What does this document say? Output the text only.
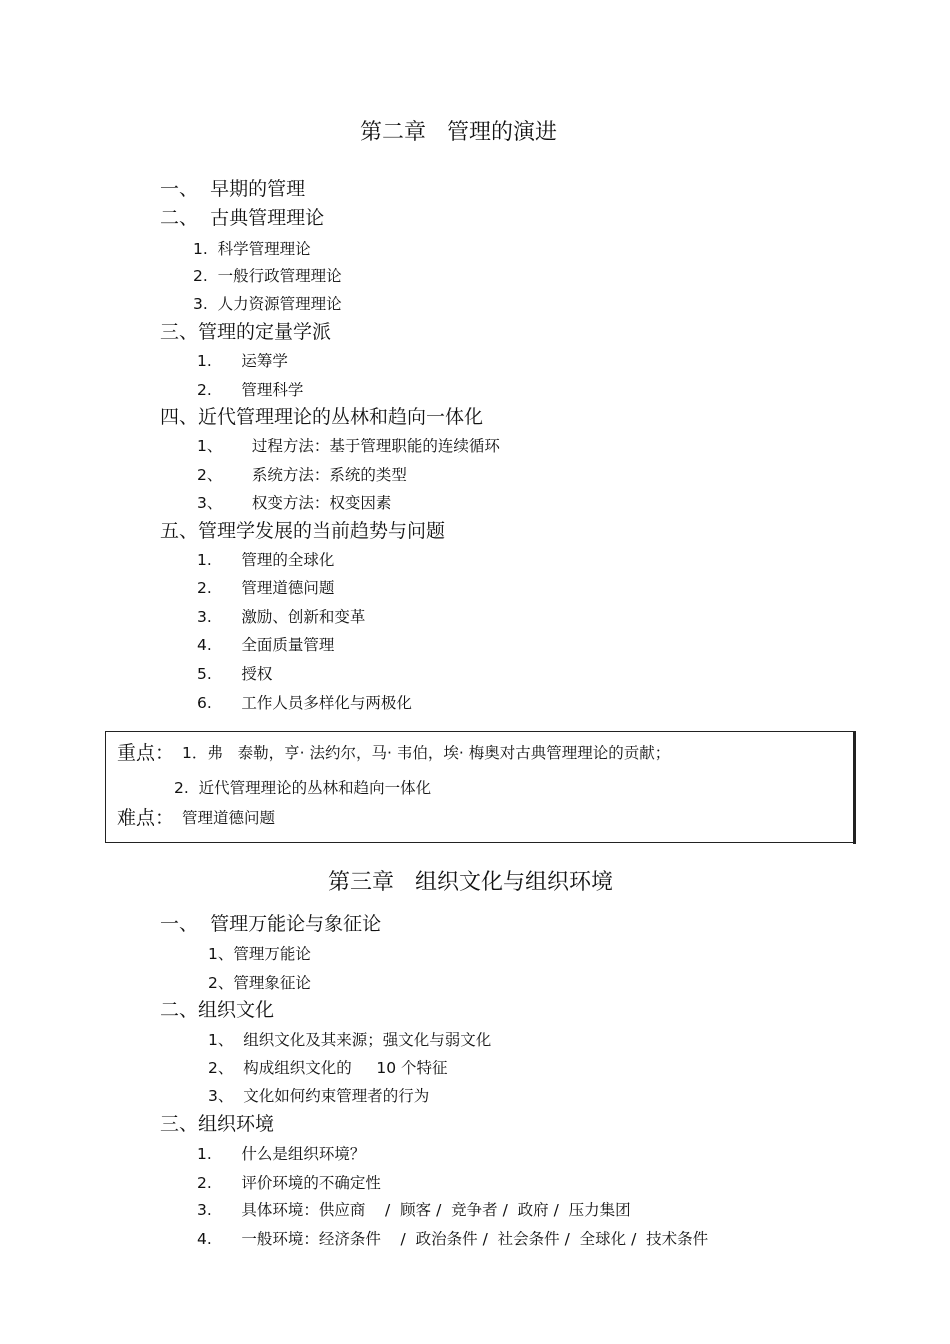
第二章   管理的演进
一、  早期的管理
二、  古典管理理论
1.  科学管理理论
2.  一般行政管理理论
3.  人力资源管理理论
三、管理的定量学派
1.      运筹学
2.      管理科学
四、近代管理理论的丛林和趋向一体化
1、      过程方法：基于管理职能的连续循环
2、      系统方法：系统的类型
3、      权变方法：权变因素
五、管理学发展的当前趋势与问题
1.      管理的全球化
2.      管理道德问题
3.      激励、创新和变革
4.      全面质量管理
5.      授权
6.      工作人员多样化与两极化
重点： 1．弗   泰勒，亨· 法约尔，马· 韦伯，埃· 梅奥对古典管理理论的贡献；
2.  近代管理理论的丛林和趋向一体化
难点： 管理道德问题
第三章   组织文化与组织环境
一、  管理万能论与象征论
1、管理万能论
2、管理象征论
二、组织文化
1、  组织文化及其来源；强文化与弱文化
2、  构成组织文化的     10 个特征
3、  文化如何约束管理者的行为
三、组织环境
1.      什么是组织环境？
2.      评价环境的不确定性
3.      具体环境：供应商    /  顾客 /  竞争者 /  政府 /  压力集团
4.      一般环境：经济条件    /  政治条件 /  社会条件 /  全球化 /  技术条件
